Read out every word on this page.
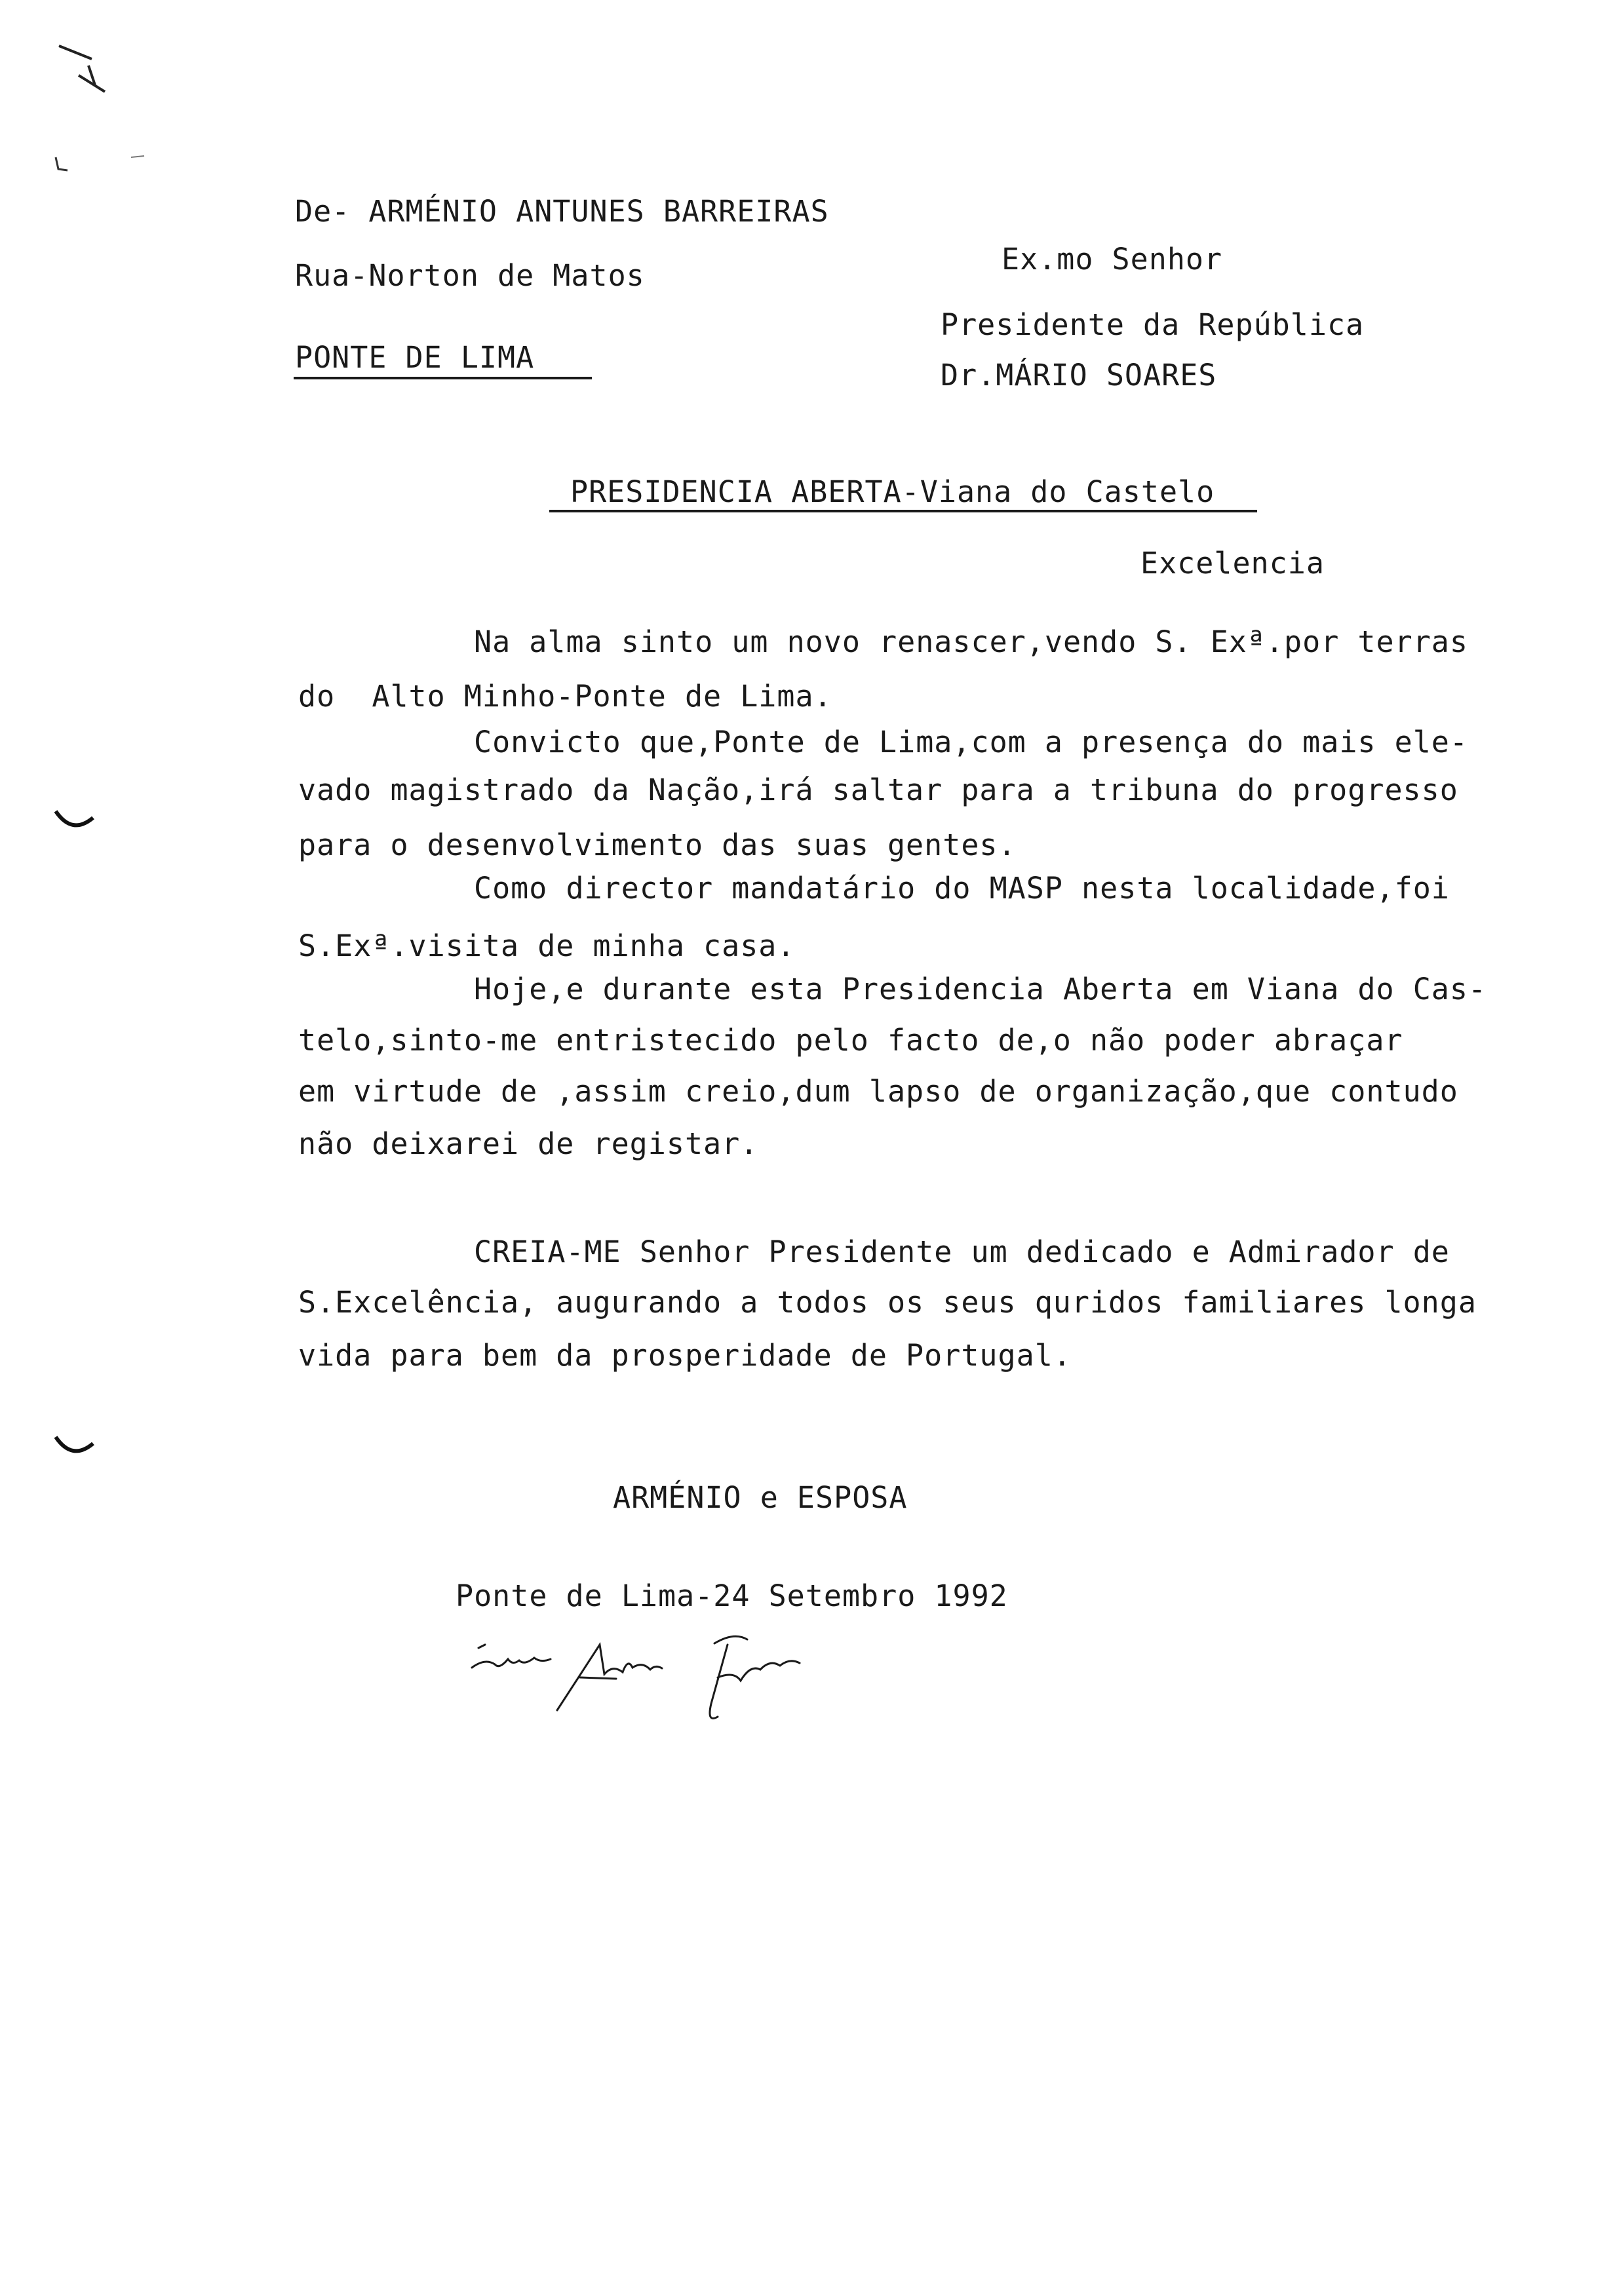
De- ARMÉNIO ANTUNES BARREIRAS
Rua-Norton de Matos
PONTE DE LIMA
Ex.mo Senhor
Presidente da República
Dr.MÁRIO SOARES
PRESIDENCIA ABERTA-Viana do Castelo
Excelencia
Na alma sinto um novo renascer,vendo S. Exª.por terras
do  Alto Minho-Ponte de Lima.
Convicto que,Ponte de Lima,com a presença do mais ele-
vado magistrado da Nação,irá saltar para a tribuna do progresso
para o desenvolvimento das suas gentes.
Como director mandatário do MASP nesta localidade,foi
S.Exª.visita de minha casa.
Hoje,e durante esta Presidencia Aberta em Viana do Cas-
telo,sinto-me entristecido pelo facto de,o não poder abraçar
em virtude de ,assim creio,dum lapso de organização,que contudo
não deixarei de registar.
CREIA-ME Senhor Presidente um dedicado e Admirador de
S.Excelência, augurando a todos os seus quridos familiares longa
vida para bem da prosperidade de Portugal.
ARMÉNIO e ESPOSA
Ponte de Lima-24 Setembro 1992
